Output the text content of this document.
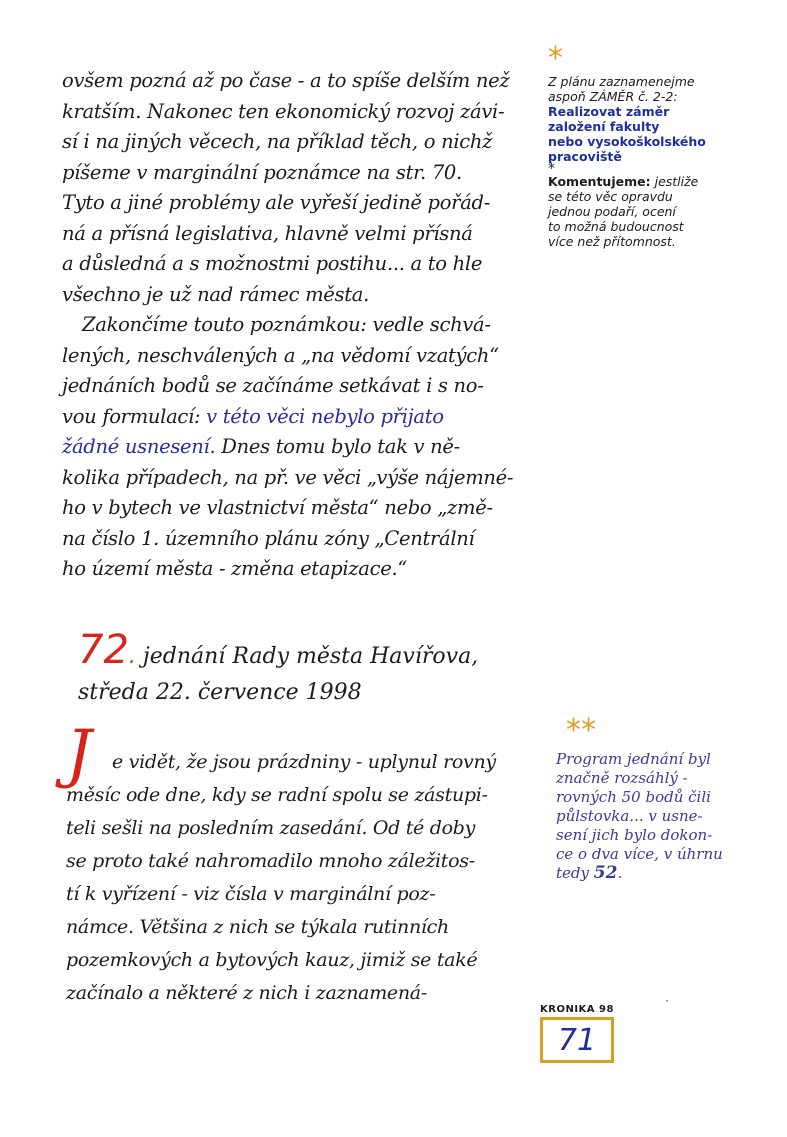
ovšem pozná až po čase - a to spíše delším než
kratším. Nakonec ten ekonomický rozvoj závi-
sí i na jiných věcech, na příklad těch, o nichž
píšeme v marginální poznámce na str. 70.
Tyto a jiné problémy ale vyřeší jedině pořád-
ná a přísná legislativa, hlavně velmi přísná
a důsledná a s možnostmi postihu... a to hle
všechno je už nad rámec města.
Zakončíme touto poznámkou: vedle schvá-
lených, neschválených a „na vědomí vzatých“
jednáních bodů se začínáme setkávat i s no-
vou formulací: v této věci nebylo přijato
žádné usnesení. Dnes tomu bylo tak v ně-
kolika případech, na př. ve věci „výše nájemné-
ho v bytech ve vlastnictví města“ nebo „změ-
na číslo 1. územního plánu zóny „Centrální
ho území města - změna etapizace.“
*
Z plánu zaznamenejme
aspoň ZÁMĚR č. 2-2:
Realizovat záměr
založení fakulty
nebo vysokoškolského
pracoviště
*
Komentujeme: jestliže
se této věc opravdu
jednou podaří, ocení
to možná budoucnost
více než přítomnost.
72. jednání Rady města Havířova,
středa 22. července 1998
J	e vidět, že jsou prázdniny - uplynul rovný
měsíc ode dne, kdy se radní spolu se zástupi-
teli sešli na posledním zasedání. Od té doby
se proto také nahromadilo mnoho záležitos-
tí k vyřízení - viz čísla v marginální poz-
námce. Většina z nich se týkala rutinních
pozemkových a bytových kauz, jimiž se také
začínalo a některé z nich i zaznamená-
**
Program jednání byl
značně rozsáhlý -
rovných 50 bodů čili
půlstovka... v usne-
sení jich bylo dokon-
ce o dva více, v úhrnu
tedy 52.
·
KRONIKA 98
71
